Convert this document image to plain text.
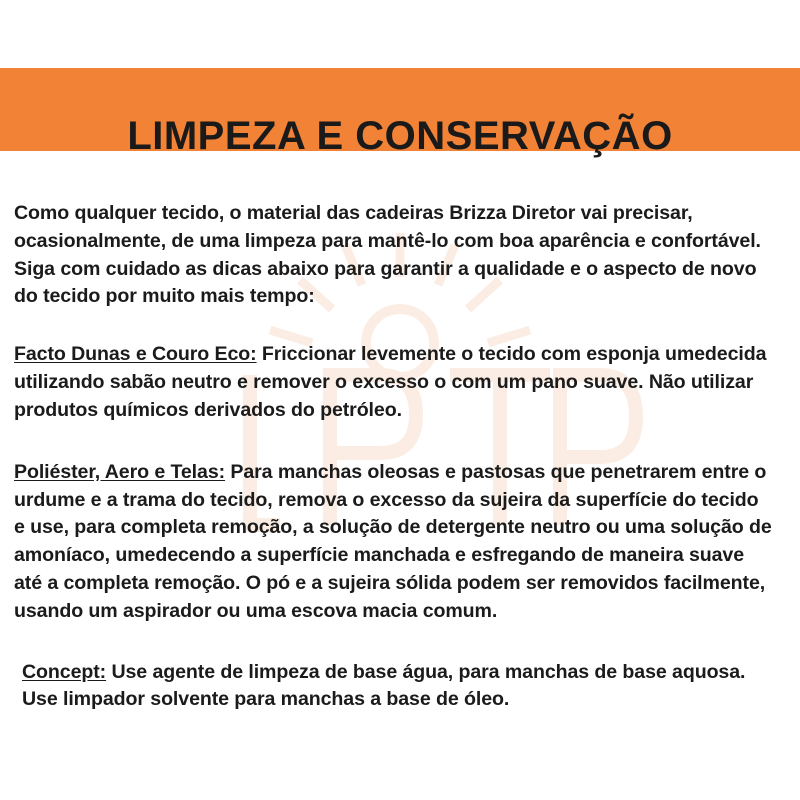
LIMPEZA E CONSERVAÇÃO

Como qualquer tecido, o material das cadeiras Brizza Diretor vai precisar, ocasionalmente, de uma limpeza para mantê-lo com boa aparência e confortável. Siga com cuidado as dicas abaixo para garantir a qualidade e o aspecto de novo do tecido por muito mais tempo:

Facto Dunas e Couro Eco: Friccionar levemente o tecido com esponja umedecida utilizando sabão neutro e remover o excesso o com um pano suave. Não utilizar produtos químicos derivados do petróleo.

Poliéster, Aero e Telas: Para manchas oleosas e pastosas que penetrarem entre o urdume e a trama do tecido, remova o excesso da sujeira da superfície do tecido e use, para completa remoção, a solução de detergente neutro ou uma solução de amoníaco, umedecendo a superfície manchada e esfregando de maneira suave até a completa remoção. O pó e a sujeira sólida podem ser removidos facilmente, usando um aspirador ou uma escova macia comum.

Concept: Use agente de limpeza de base água, para manchas de base aquosa. Use limpador solvente para manchas a base de óleo.
